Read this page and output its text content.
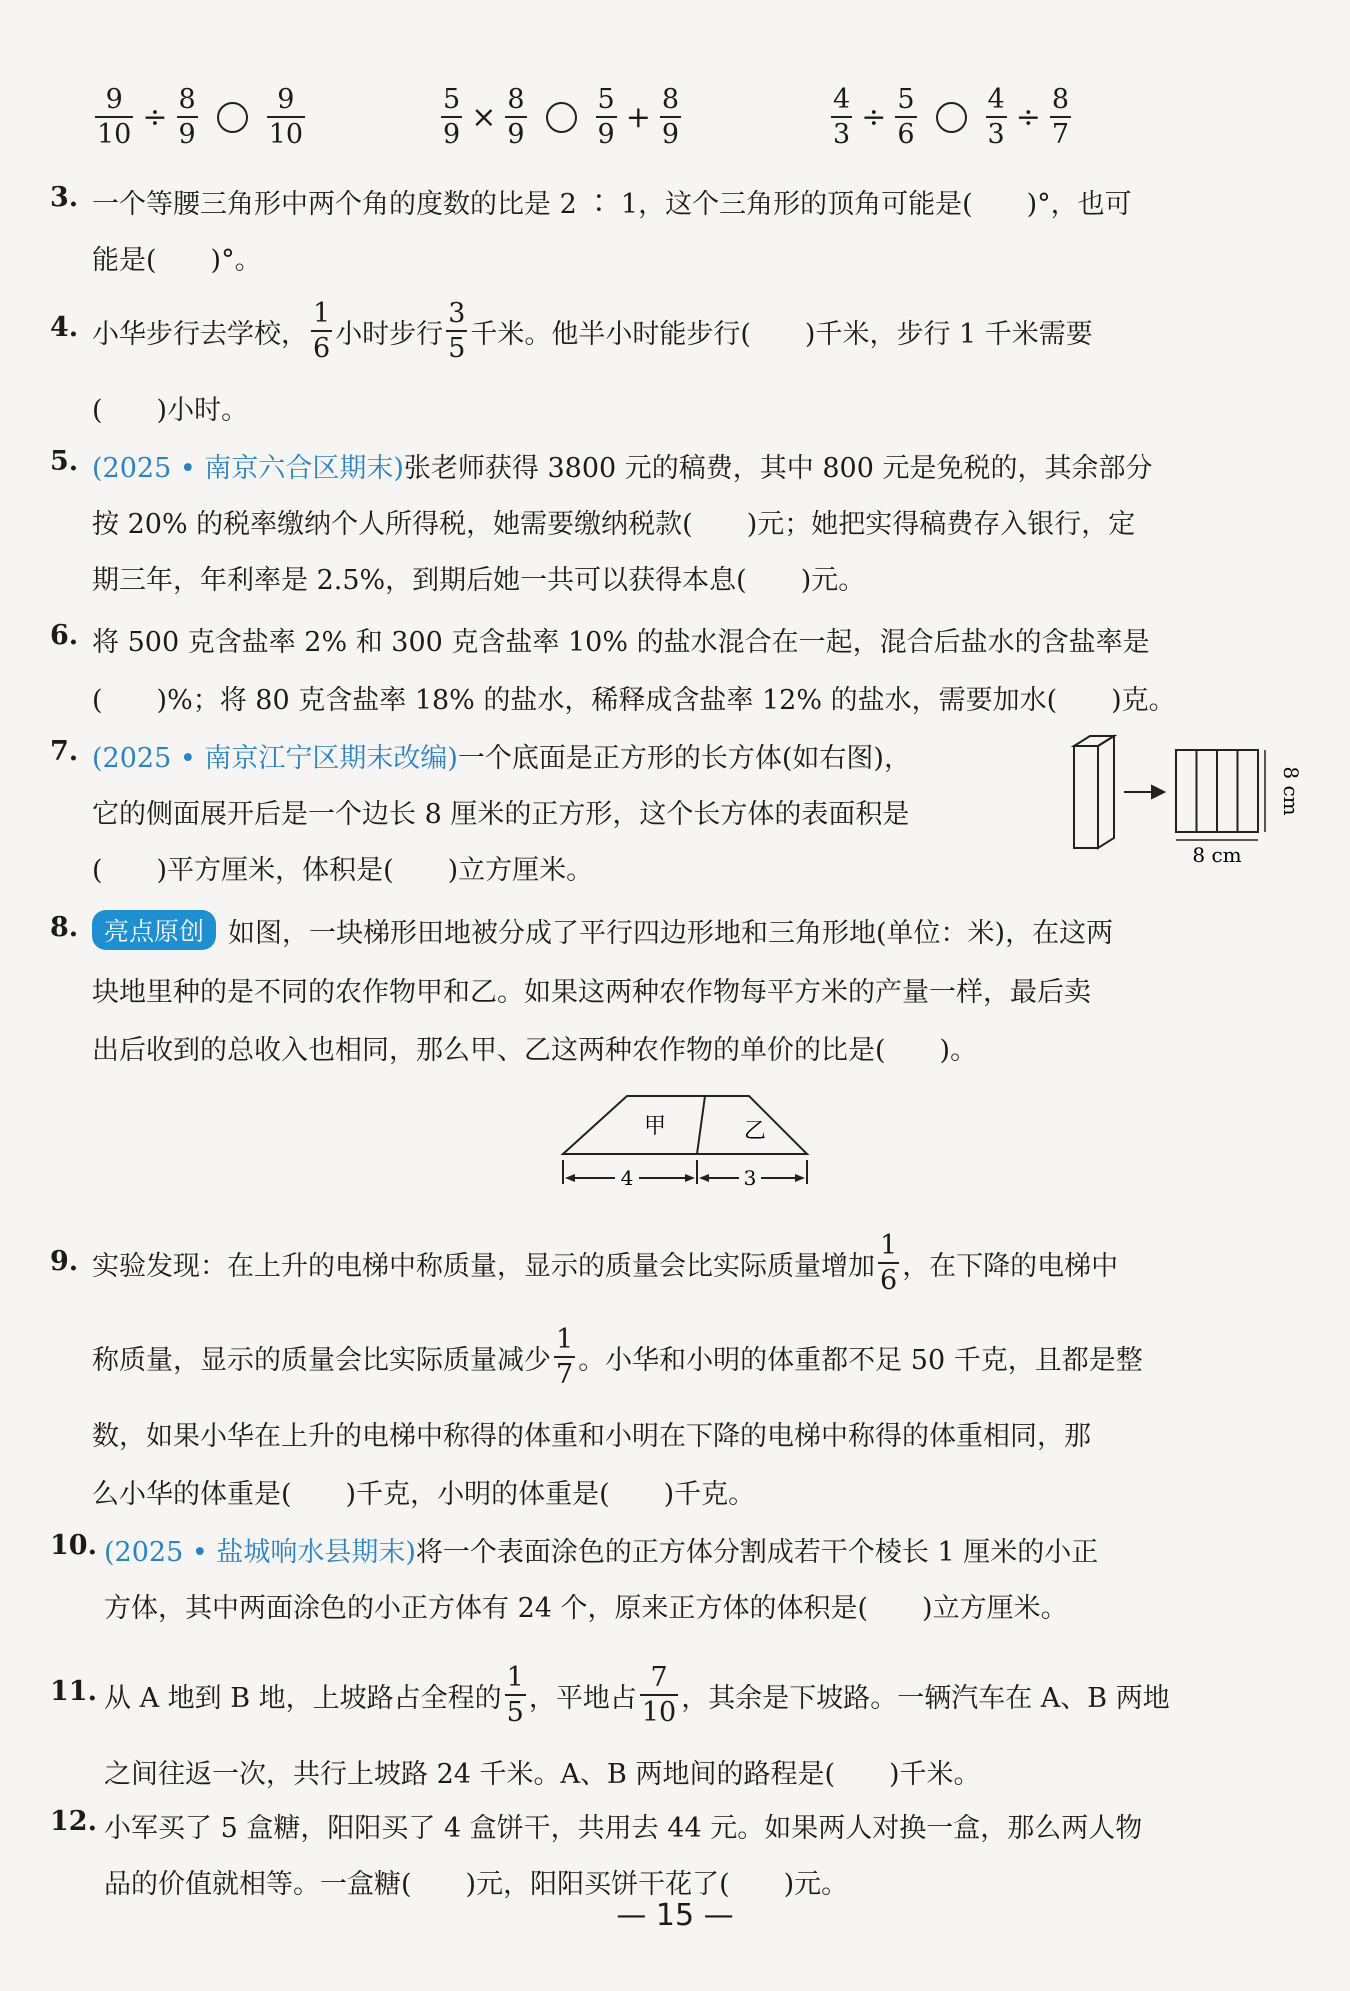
$\frac{9}{10} \div \frac{8}{9}$	$\frac{9}{10}$	$\frac{5}{9} \times \frac{8}{9}$	$\frac{5}{9} + \frac{8}{9}$	$\frac{4}{3} \div \frac{5}{6}$	$\frac{4}{3} \div \frac{8}{7}$
3. 一个等腰三角形中两个角的度数的比是 2 ∶ 1，这个三角形的顶角可能是(　　)°，也可
能是(　　)°。
4. 小华步行去学校， $\frac{1}{6}$ 小时步行 $\frac{3}{5}$ 千米。他半小时能步行(　　)千米，步行 1 千米需要
(　　)小时。
5. (2025 • 南京六合区期末) 张老师获得 3800 元的稿费，其中 800 元是免税的，其余部分
按 20% 的税率缴纳个人所得税，她需要缴纳税款(　　)元；她把实得稿费存入银行，定
期三年，年利率是 2.5%，到期后她一共可以获得本息(　　)元。
6. 将 500 克含盐率 2% 和 300 克含盐率 10% 的盐水混合在一起，混合后盐水的含盐率是
(　　)%；将 80 克含盐率 18% 的盐水，稀释成含盐率 12% 的盐水，需要加水(　　)克。
7. (2025 • 南京江宁区期末改编) 一个底面是正方形的长方体(如右图)，
它的侧面展开后是一个边长 8 厘米的正方形，这个长方体的表面积是
(　　)平方厘米，体积是(　　)立方厘米。	8 cm
8 cm
8.	亮点原创 如图，一块梯形田地被分成了平行四边形地和三角形地(单位：米)，在这两
块地里种的是不同的农作物甲和乙。如果这两种农作物每平方米的产量一样，最后卖
出后收到的总收入也相同，那么甲、乙这两种农作物的单价的比是(　　)。
甲	乙
4	3
9. 实验发现：在上升的电梯中称质量，显示的质量会比实际质量增加 $\frac{1}{6}$ ，在下降的电梯中
称质量，显示的质量会比实际质量减少 $\frac{1}{7}$ 。小华和小明的体重都不足 50 千克，且都是整
数，如果小华在上升的电梯中称得的体重和小明在下降的电梯中称得的体重相同，那
么小华的体重是(　　)千克，小明的体重是(　　)千克。
10. (2025 • 盐城响水县期末) 将一个表面涂色的正方体分割成若干个棱长 1 厘米的小正
方体，其中两面涂色的小正方体有 24 个，原来正方体的体积是(　　)立方厘米。
11. 从 A 地到 B 地，上坡路占全程的 $\frac{1}{5}$ ，平地占 $\frac{7}{10}$ ，其余是下坡路。一辆汽车在 A、B 两地
之间往返一次，共行上坡路 24 千米。A、B 两地间的路程是(　　)千米。
12. 小军买了 5 盒糖，阳阳买了 4 盒饼干，共用去 44 元。如果两人对换一盒，那么两人物
品的价值就相等。一盒糖(　　)元，阳阳买饼干花了(　　)元。
— 15 —
